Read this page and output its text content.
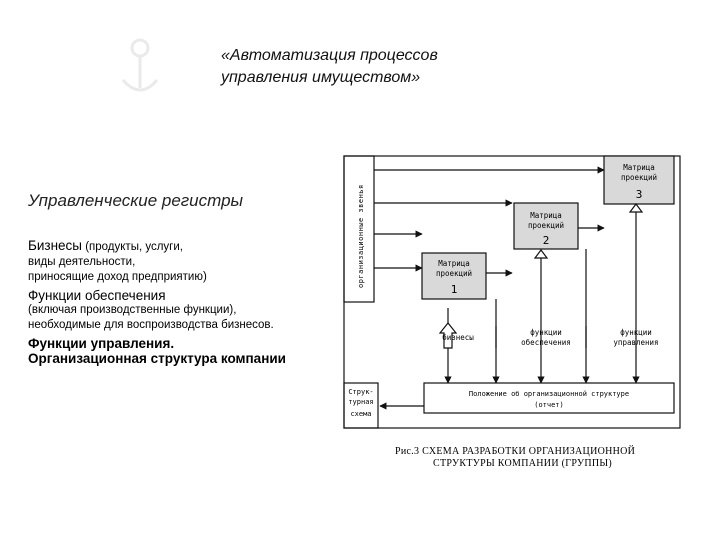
«Автоматизация процессов
управления имуществом»
Управленческие регистры
Бизнесы (продукты, услуги,
виды деятельности,
приносящие доход предприятию)
Функции обеспечения
(включая производственные функции),
необходимые для воспроизводства бизнесов.
Функции управления.
Организационная структура компании
организационные звенья	Матрица
проекций
1
Матрица
проекций
2
Матрица
проекций
3
бизнесы
функции
обеспечения
функции
управления
Струк-
турная
схема
Положение об организационной структуре
(отчет)
Рис.3 СХЕМА РАЗРАБОТКИ ОРГАНИЗАЦИОННОЙ
СТРУКТУРЫ КОМПАНИИ (ГРУППЫ)
